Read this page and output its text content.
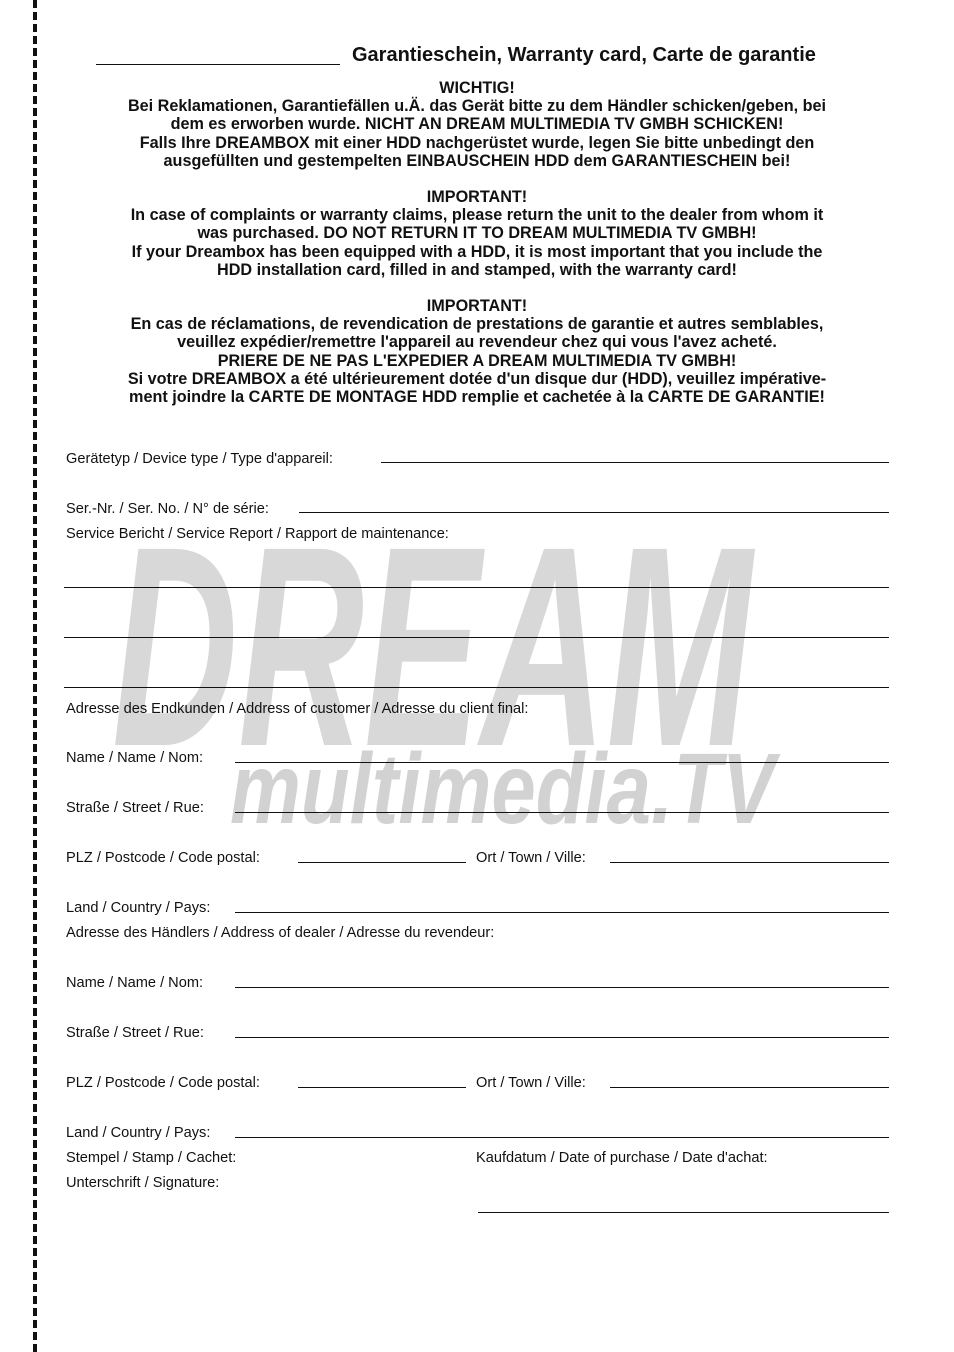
DREAM
multimedia.TV
Garantieschein, Warranty card, Carte de garantie

WICHTIG!

Bei Reklamationen, Garantiefällen u.Ä. das Gerät bitte zu dem Händler schicken/geben, bei

dem es erworben wurde. NICHT AN DREAM MULTIMEDIA TV GMBH SCHICKEN!

Falls Ihre DREAMBOX mit einer HDD nachgerüstet wurde, legen Sie bitte unbedingt den

ausgefüllten und gestempelten EINBAUSCHEIN HDD dem GARANTIESCHEIN bei!

IMPORTANT!

In case of complaints or warranty claims, please return the unit to the dealer from whom it

was purchased. DO NOT RETURN IT TO DREAM MULTIMEDIA TV GMBH!

If your Dreambox has been equipped with a HDD, it is most important that you include the

HDD installation card, filled in and stamped, with the warranty card!

IMPORTANT!

En cas de réclamations, de revendication de prestations de garantie et autres semblables,

veuillez expédier/remettre l'appareil au revendeur chez qui vous l'avez acheté.

PRIERE DE NE PAS L'EXPEDIER A DREAM MULTIMEDIA TV GMBH!

Si votre DREAMBOX a été ultérieurement dotée d'un disque dur (HDD), veuillez impérative-

ment joindre la CARTE DE MONTAGE HDD remplie et cachetée à la CARTE DE GARANTIE!

Gerätetyp / Device type / Type d'appareil:
Ser.-Nr. / Ser. No. / N° de série:
Service Bericht / Service Report / Rapport de maintenance:
Adresse des Endkunden / Address of customer / Adresse du client final:
Name / Name / Nom:
Straße / Street / Rue:
PLZ / Postcode / Code postal:	Ort / Town / Ville:
Land / Country / Pays:
Adresse des Händlers / Address of dealer / Adresse du revendeur:
Name / Name / Nom:
Straße / Street / Rue:
PLZ / Postcode / Code postal:	Ort / Town / Ville:
Land / Country / Pays:
Stempel / Stamp / Cachet:	Kaufdatum / Date of purchase / Date d'achat:
Unterschrift / Signature:
